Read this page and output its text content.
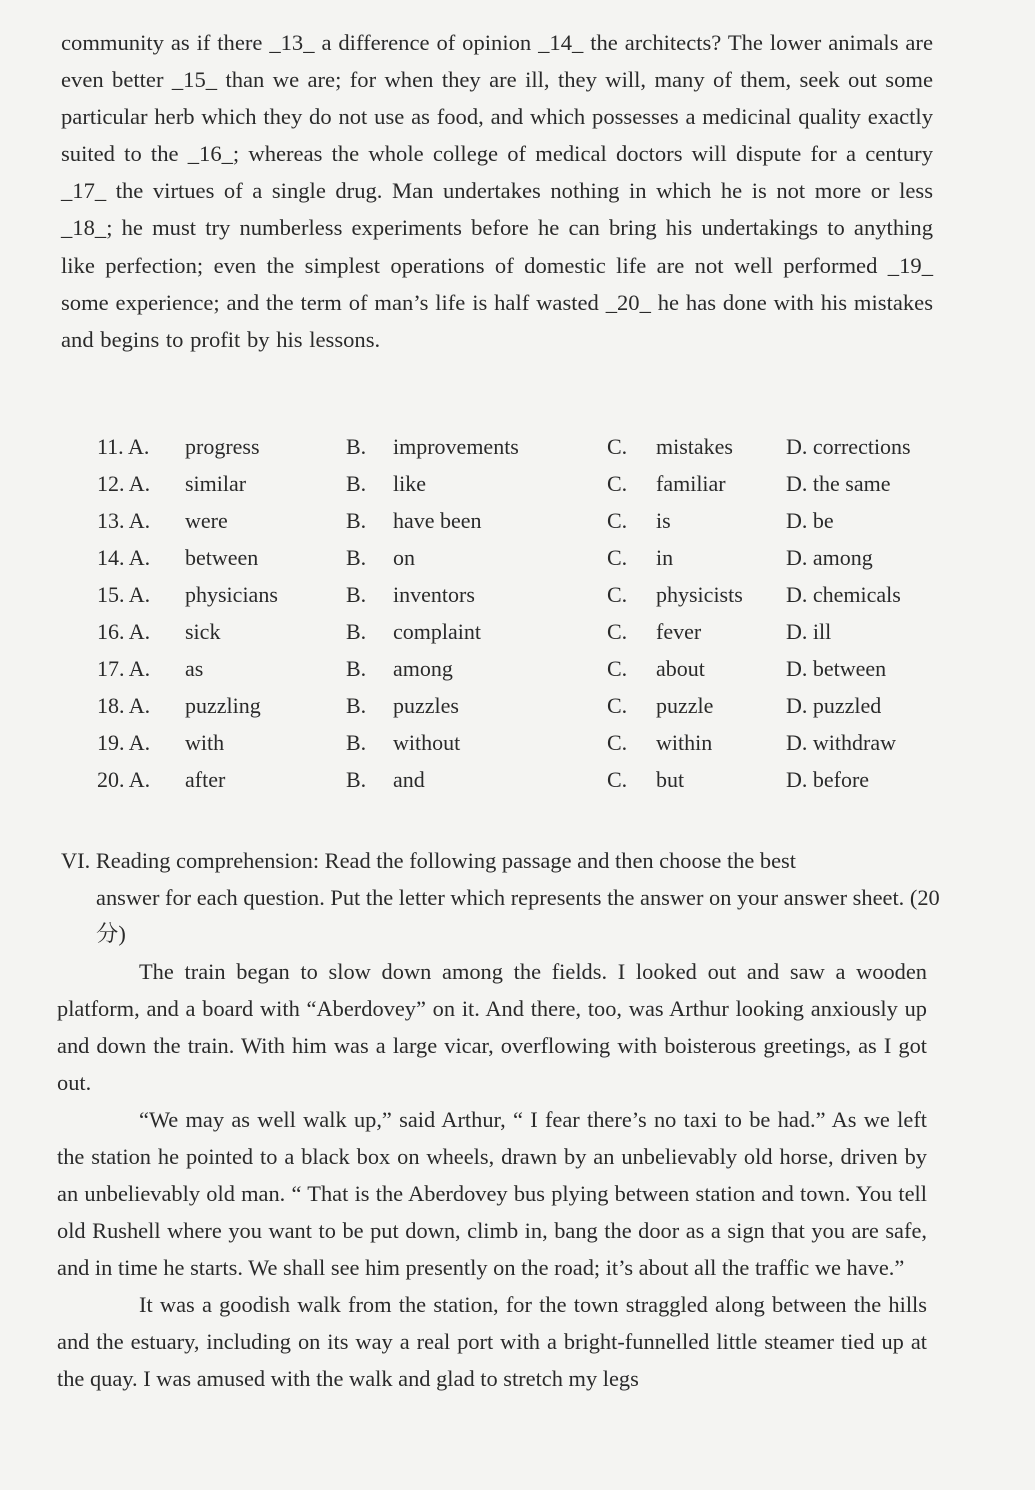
community as if there _13_ a difference of opinion _14_ the architects? The lower animals are even better _15_ than we are; for when they are ill, they will, many of them, seek out some particular herb which they do not use as food, and which possesses a medicinal quality exactly suited to the _16_; whereas the whole college of medical doctors will dispute for a century _17_ the virtues of a single drug. Man undertakes nothing in which he is not more or less _18_; he must try numberless experiments before he can bring his undertakings to anything like perfection; even the simplest operations of domestic life are not well performed _19_ some experience; and the term of man’s life is half wasted _20_ he has done with his mistakes and begins to profit by his lessons.
11. A. progress	B. improvements	C. mistakes D. corrections
12. A. similar	B. like	C. familiar	D. the same
13. A. were	B. have been	C. is	D. be
14. A. between	B. on	C. in	D. among
15. A. physicians	B. inventors	C. physicists D. chemicals
16. A. sick	B. complaint	C. fever	D. ill
17. A. as	B. among	C. about	D. between
18. A. puzzling	B. puzzles	C. puzzle	D. puzzled
19. A. with	B. without	C. within	D. withdraw
20. A. after	B. and	C. but	D. before
VI. Reading comprehension: Read the following passage and then choose the best
answer for each question. Put the letter which represents the answer on your answer sheet. (20 分)

The train began to slow down among the fields. I looked out and saw a wooden platform, and a board with “Aberdovey” on it. And there, too, was Arthur looking anxiously up and down the train. With him was a large vicar, overflowing with boisterous greetings, as I got out.

“We may as well walk up,” said Arthur, “ I fear there’s no taxi to be had.” As we left the station he pointed to a black box on wheels, drawn by an unbelievably old horse, driven by an unbelievably old man. “ That is the Aberdovey bus plying between station and town. You tell old Rushell where you want to be put down, climb in, bang the door as a sign that you are safe, and in time he starts. We shall see him presently on the road; it’s about all the traffic we have.”

It was a goodish walk from the station, for the town straggled along between the hills and the estuary, including on its way a real port with a bright-funnelled little steamer tied up at the quay. I was amused with the walk and glad to stretch my legs
